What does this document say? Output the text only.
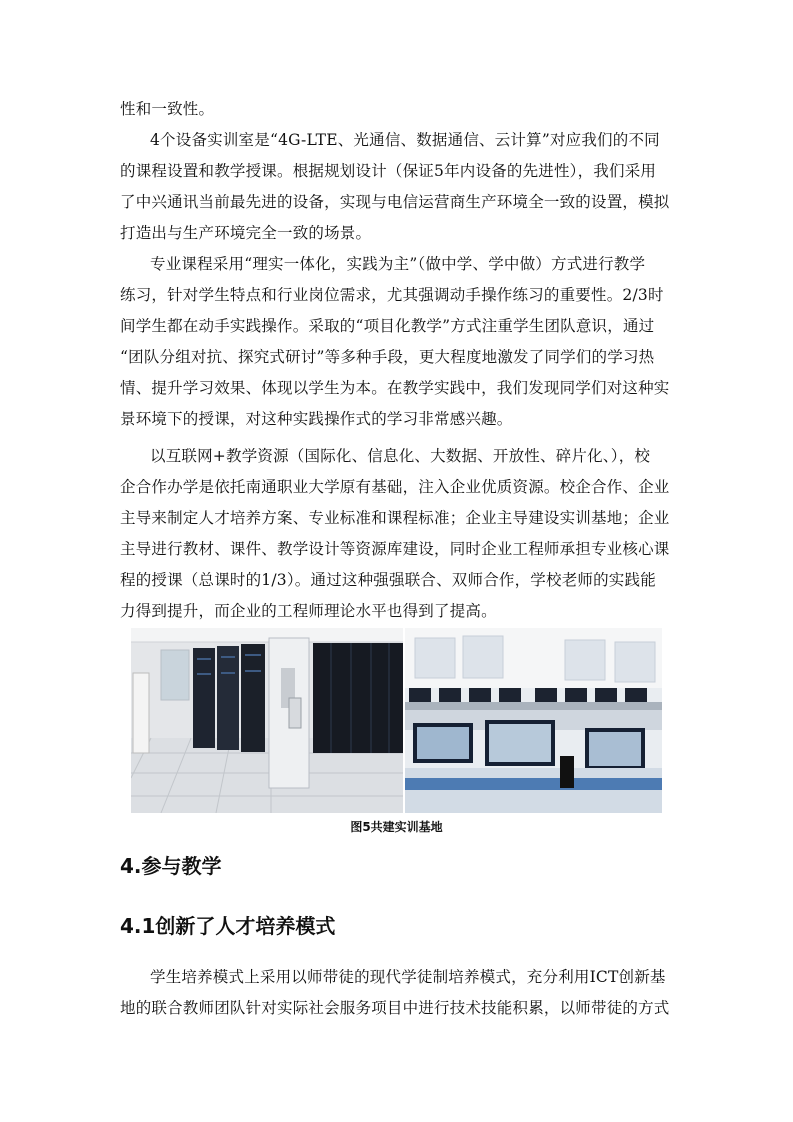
性和一致性。
4个设备实训室是“4G-LTE、光通信、数据通信、云计算”对应我们的不同
的课程设置和教学授课。根据规划设计（保证5年内设备的先进性），我们采用
了中兴通讯当前最先进的设备，实现与电信运营商生产环境全一致的设置，模拟
打造出与生产环境完全一致的场景。
专业课程采用“理实一体化，实践为主”（做中学、学中做）方式进行教学
练习，针对学生特点和行业岗位需求，尤其强调动手操作练习的重要性。2/3时
间学生都在动手实践操作。采取的“项目化教学”方式注重学生团队意识，通过
“团队分组对抗、探究式研讨”等多种手段，更大程度地激发了同学们的学习热
情、提升学习效果、体现以学生为本。在教学实践中，我们发现同学们对这种实
景环境下的授课，对这种实践操作式的学习非常感兴趣。
以互联网+教学资源（国际化、信息化、大数据、开放性、碎片化、），校
企合作办学是依托南通职业大学原有基础，注入企业优质资源。校企合作、企业
主导来制定人才培养方案、专业标准和课程标准；企业主导建设实训基地；企业
主导进行教材、课件、教学设计等资源库建设，同时企业工程师承担专业核心课
程的授课（总课时的1/3）。通过这种强强联合、双师合作，学校老师的实践能
力得到提升，而企业的工程师理论水平也得到了提高。
图5共建实训基地
4.参与教学
4.1创新了人才培养模式
学生培养模式上采用以师带徒的现代学徒制培养模式，充分利用ICT创新基
地的联合教师团队针对实际社会服务项目中进行技术技能积累，以师带徒的方式
